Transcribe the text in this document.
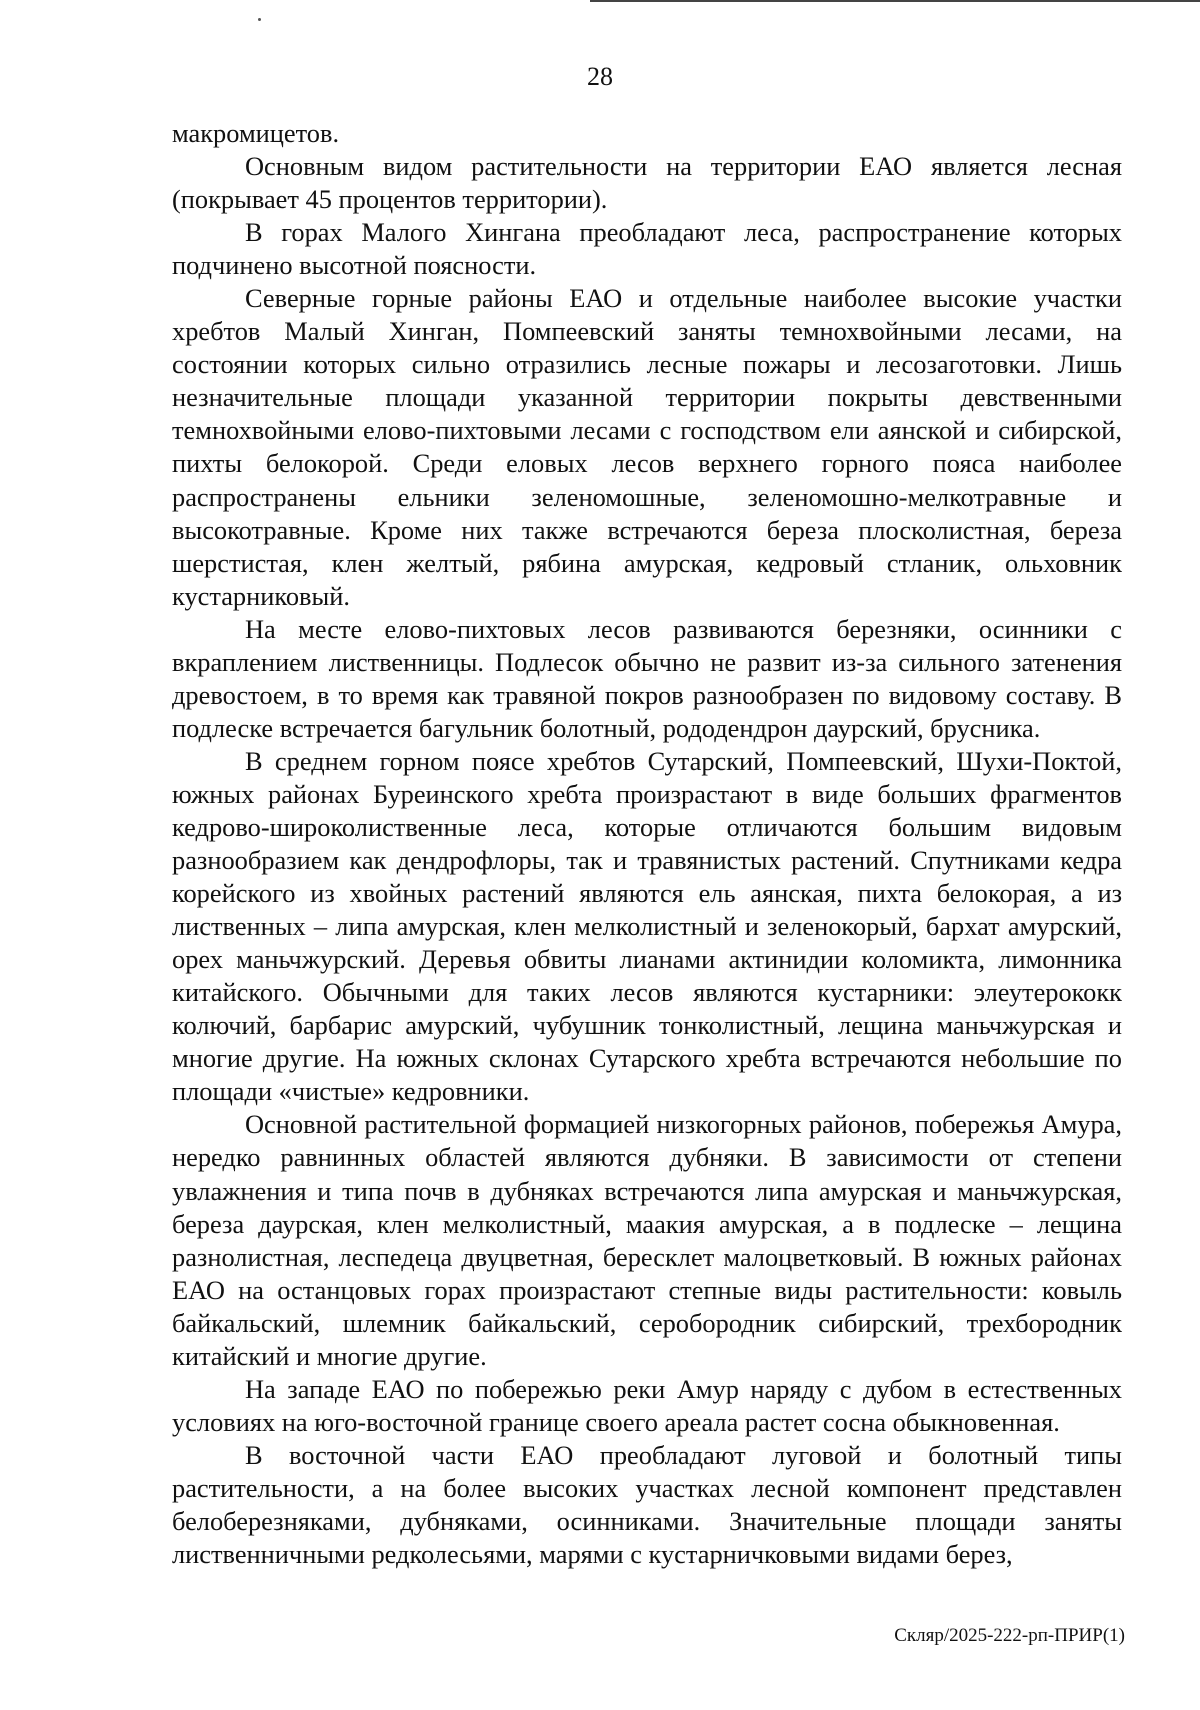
28

макромицетов.

Основным видом растительности на территории ЕАО является лесная (покрывает 45 процентов территории).

В горах Малого Хингана преобладают леса, распространение которых подчинено высотной поясности.

Северные горные районы ЕАО и отдельные наиболее высокие участки хребтов Малый Хинган, Помпеевский заняты темнохвойными лесами, на состоянии которых сильно отразились лесные пожары и лесозаготовки. Лишь незначительные площади указанной территории покрыты девственными темнохвойными елово-пихтовыми лесами с господством ели аянской и сибирской, пихты белокорой. Среди еловых лесов верхнего горного пояса наиболее распространены ельники зеленомошные, зеленомошно-мелкотравные и высокотравные. Кроме них также встречаются береза плосколистная, береза шерстистая, клен желтый, рябина амурская, кедровый стланик, ольховник кустарниковый.

На месте елово-пихтовых лесов развиваются березняки, осинники с вкраплением лиственницы. Подлесок обычно не развит из-за сильного затенения древостоем, в то время как травяной покров разнообразен по видовому составу. В подлеске встречается багульник болотный, рододендрон даурский, брусника.

В среднем горном поясе хребтов Сутарский, Помпеевский, Шухи-Поктой, южных районах Буреинского хребта произрастают в виде больших фрагментов кедрово-широколиственные леса, которые отличаются большим видовым разнообразием как дендрофлоры, так и травянистых растений. Спутниками кедра корейского из хвойных растений являются ель аянская, пихта белокорая, а из лиственных – липа амурская, клен мелколистный и зеленокорый, бархат амурский, орех маньчжурский. Деревья обвиты лианами актинидии коломикта, лимонника китайского. Обычными для таких лесов являются кустарники: элеутерококк колючий, барбарис амурский, чубушник тонколистный, лещина маньчжурская и многие другие. На южных склонах Сутарского хребта встречаются небольшие по площади «чистые» кедровники.

Основной растительной формацией низкогорных районов, побережья Амура, нередко равнинных областей являются дубняки. В зависимости от степени увлажнения и типа почв в дубняках встречаются липа амурская и маньчжурская, береза даурская, клен мелколистный, маакия амурская, а в подлеске – лещина разнолистная, леспедеца двуцветная, бересклет малоцветковый. В южных районах ЕАО на останцовых горах произрастают степные виды растительности: ковыль байкальский, шлемник байкальский, серобородник сибирский, трехбородник китайский и многие другие.

На западе ЕАО по побережью реки Амур наряду с дубом в естественных условиях на юго-восточной границе своего ареала растет сосна обыкновенная.

В восточной части ЕАО преобладают луговой и болотный типы растительности, а на более высоких участках лесной компонент представлен белоберезняками, дубняками, осинниками. Значительные площади заняты лиственничными редколесьями, марями с кустарничковыми видами берез,

Скляр/2025-222-рп-ПРИР(1)
